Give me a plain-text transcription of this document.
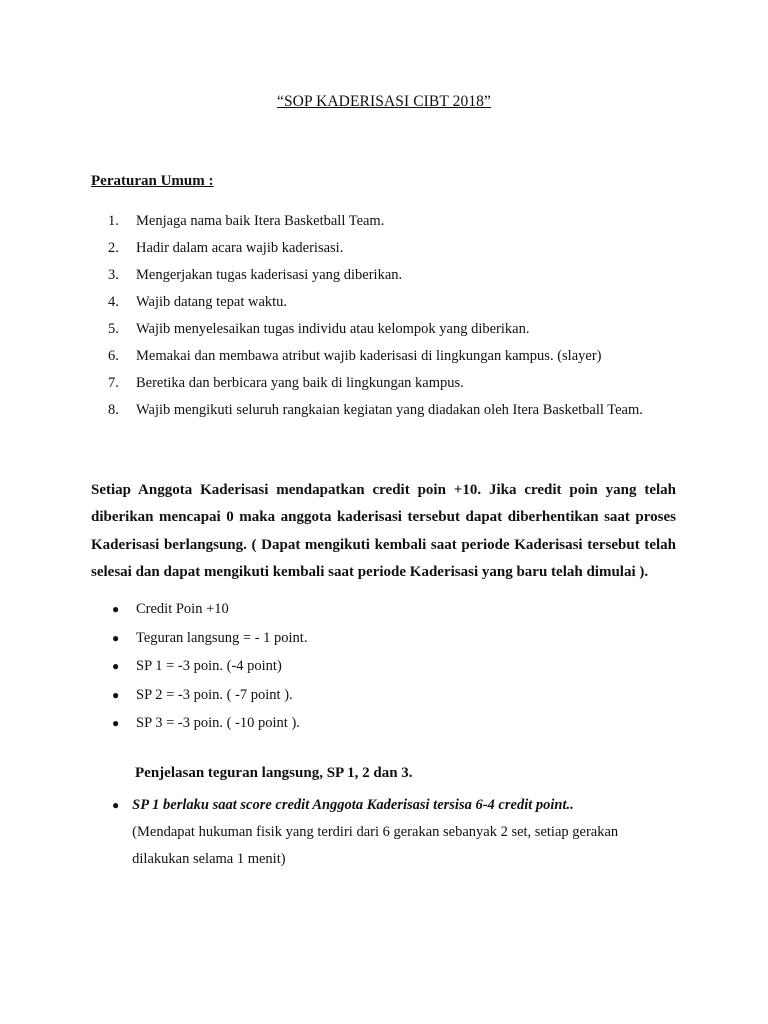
“SOP KADERISASI CIBT 2018”
Peraturan Umum :
1.	Menjaga nama baik Itera Basketball Team.
2.	Hadir dalam acara wajib kaderisasi.
3.	Mengerjakan tugas kaderisasi yang diberikan.
4.	Wajib datang tepat waktu.
5.	Wajib menyelesaikan tugas individu atau kelompok yang diberikan.
6.	Memakai dan membawa atribut wajib kaderisasi di lingkungan kampus. (slayer)
7.	Beretika dan berbicara yang baik di lingkungan kampus.
8.	Wajib mengikuti seluruh rangkaian kegiatan yang diadakan oleh Itera Basketball Team.
Setiap Anggota Kaderisasi mendapatkan credit poin +10. Jika credit poin yang telah diberikan mencapai 0 maka anggota kaderisasi tersebut dapat diberhentikan saat proses Kaderisasi berlangsung. ( Dapat mengikuti kembali saat periode Kaderisasi tersebut telah selesai dan dapat mengikuti kembali saat periode Kaderisasi yang baru telah dimulai ).
●	Credit Poin +10
●	Teguran langsung = - 1 point.
●	SP 1 = -3 poin. (-4 point)
●	SP 2 = -3 poin. ( -7 point ).
●	SP 3 = -3 poin. ( -10 point ).
Penjelasan teguran langsung, SP 1, 2 dan 3.
● SP 1 berlaku saat score credit Anggota Kaderisasi tersisa 6-4 credit point..
(Mendapat hukuman fisik yang terdiri dari 6 gerakan sebanyak 2 set, setiap gerakan dilakukan selama 1 menit)
